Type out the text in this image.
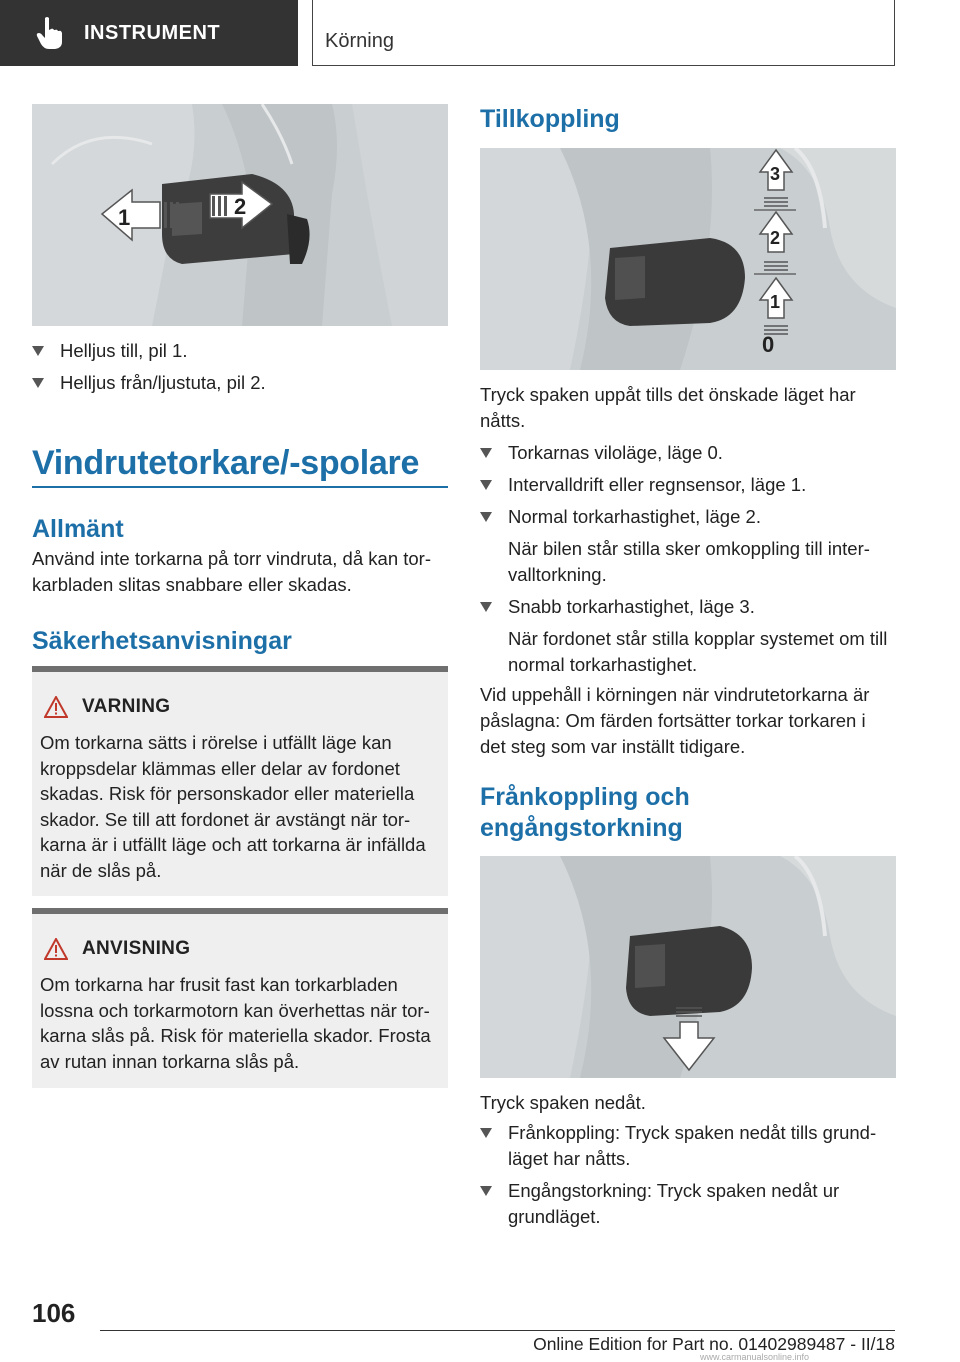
INSTRUMENT	Körning
1	2
Helljus till, pil 1.
Helljus från/ljustuta, pil 2.
Vindrutetorkare/-spolare
Allmänt
Använd inte torkarna på torr vindruta, då kan torkarbladen slitas snabbare eller skadas.
Säkerhetsanvisningar
VARNING
Om torkarna sätts i rörelse i utfällt läge kan kroppsdelar klämmas eller delar av fordonet skadas. Risk för personskador eller materiella skador. Se till att fordonet är avstängt när torkarna är i utfällt läge och att torkarna är infällda när de slås på.
ANVISNING
Om torkarna har frusit fast kan torkarbladen lossna och torkarmotorn kan överhettas när torkarna slås på. Risk för materiella skador. Frosta av rutan innan torkarna slås på.
Tillkoppling
3
2
1
0
Tryck spaken uppåt tills det önskade läget har nåtts.
Torkarnas viloläge, läge 0.
Intervalldrift eller regnsensor, läge 1.
Normal torkarhastighet, läge 2.
När bilen står stilla sker omkoppling till intervalltorkning.
Snabb torkarhastighet, läge 3.
När fordonet står stilla kopplar systemet om till normal torkarhastighet.
Vid uppehåll i körningen när vindrutetorkarna är påslagna: Om färden fortsätter torkar torkaren i det steg som var inställt tidigare.
Frånkoppling och engångstorkning
Tryck spaken nedåt.
Frånkoppling: Tryck spaken nedåt tills grundläget har nåtts.
Engångstorkning: Tryck spaken nedåt ur grundläget.
106
Online Edition for Part no. 01402989487 - II/18
www.carmanualsonline.info
